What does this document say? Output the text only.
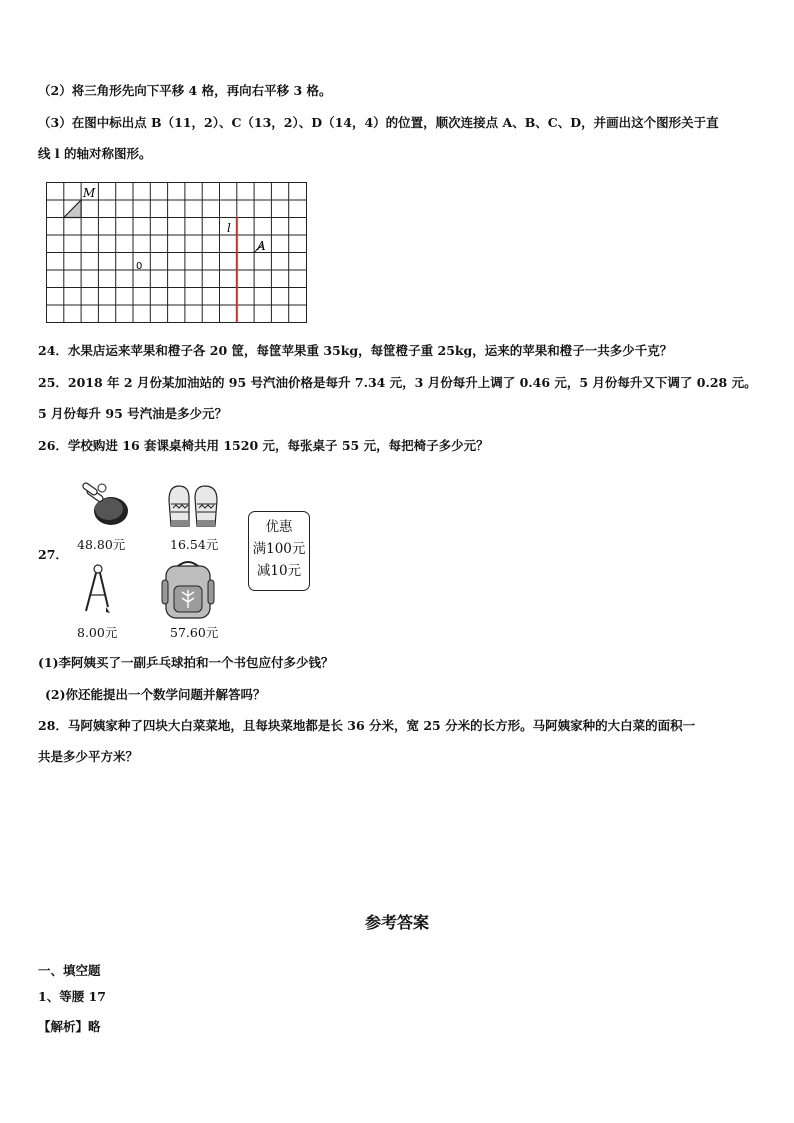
（2）将三角形先向下平移 4 格，再向右平移 3 格。
（3）在图中标出点 B（11，2）、C（13，2）、D（14，4）的位置，顺次连接点 A、B、C、D，并画出这个图形关于直
线 l 的轴对称图形。
M
l
A
0
24．水果店运来苹果和橙子各 20 筐，每筐苹果重 35kg，每筐橙子重 25kg，运来的苹果和橙子一共多少千克？
25．2018 年 2 月份某加油站的 95 号汽油价格是每升 7.34 元，3 月份每升上调了 0.46 元，5 月份每升又下调了 0.28 元。
5 月份每升 95 号汽油是多少元？
26．学校购进 16 套课桌椅共用 1520 元，每张桌子 55 元，每把椅子多少元？
27．
48.80元	16.54元
优惠
满100元
减10元
8.00元	57.60元
(1)李阿姨买了一副乒乓球拍和一个书包应付多少钱？
(2)你还能提出一个数学问题并解答吗？
28．马阿姨家种了四块大白菜菜地，且每块菜地都是长 36 分米，宽 25 分米的长方形。马阿姨家种的大白菜的面积一
共是多少平方米？
参考答案
一、填空题
1、等腰 17
【解析】略
